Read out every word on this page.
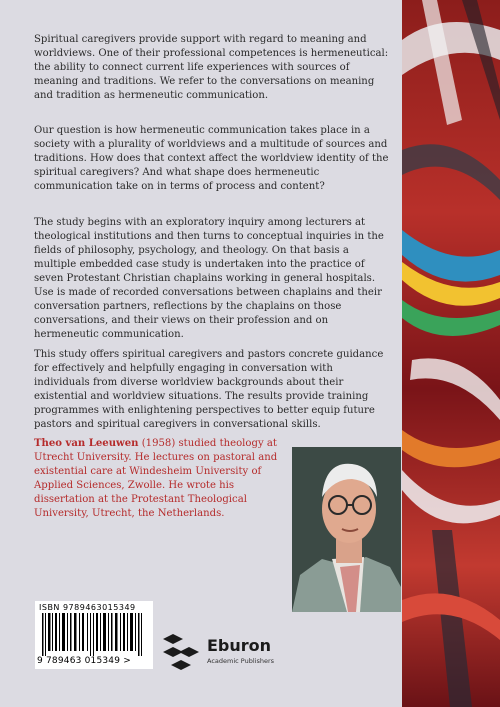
Spiritual caregivers provide support with regard to meaning and worldviews. One of their professional competences is hermeneutical: the ability to connect current life experiences with sources of meaning and traditions. We refer to the conversations on meaning and tradition as hermeneutic communication.

Our question is how hermeneutic communication takes place in a society with a plurality of worldviews and a multitude of sources and traditions. How does that context affect the worldview identity of the spiritual caregivers? And what shape does hermeneutic communication take on in terms of process and content?

The study begins with an exploratory inquiry among lecturers at theological institutions and then turns to conceptual inquiries in the fields of philosophy, psychology, and theology. On that basis a multiple embedded case study is undertaken into the practice of seven Protestant Christian chaplains working in general hospitals. Use is made of recorded conversations between chaplains and their conversation partners, reflections by the chaplains on those conversations, and their views on their profession and on hermeneutic communication.

This study offers spiritual caregivers and pastors concrete guidance for effectively and helpfully engaging in conversation with individuals from diverse worldview backgrounds about their existential and worldview situations. The results provide training programmes with enlightening perspectives to better equip future pastors and spiritual caregivers in conversational skills.

Theo van Leeuwen (1958) studied theology at Utrecht University. He lectures on pastoral and existential care at Windesheim University of Applied Sciences, Zwolle. He wrote his dissertation at the Protestant Theological University, Utrecht, the Netherlands.

ISBN 9789463015349
9 789463 015349 >
Eburon
Academic Publishers
